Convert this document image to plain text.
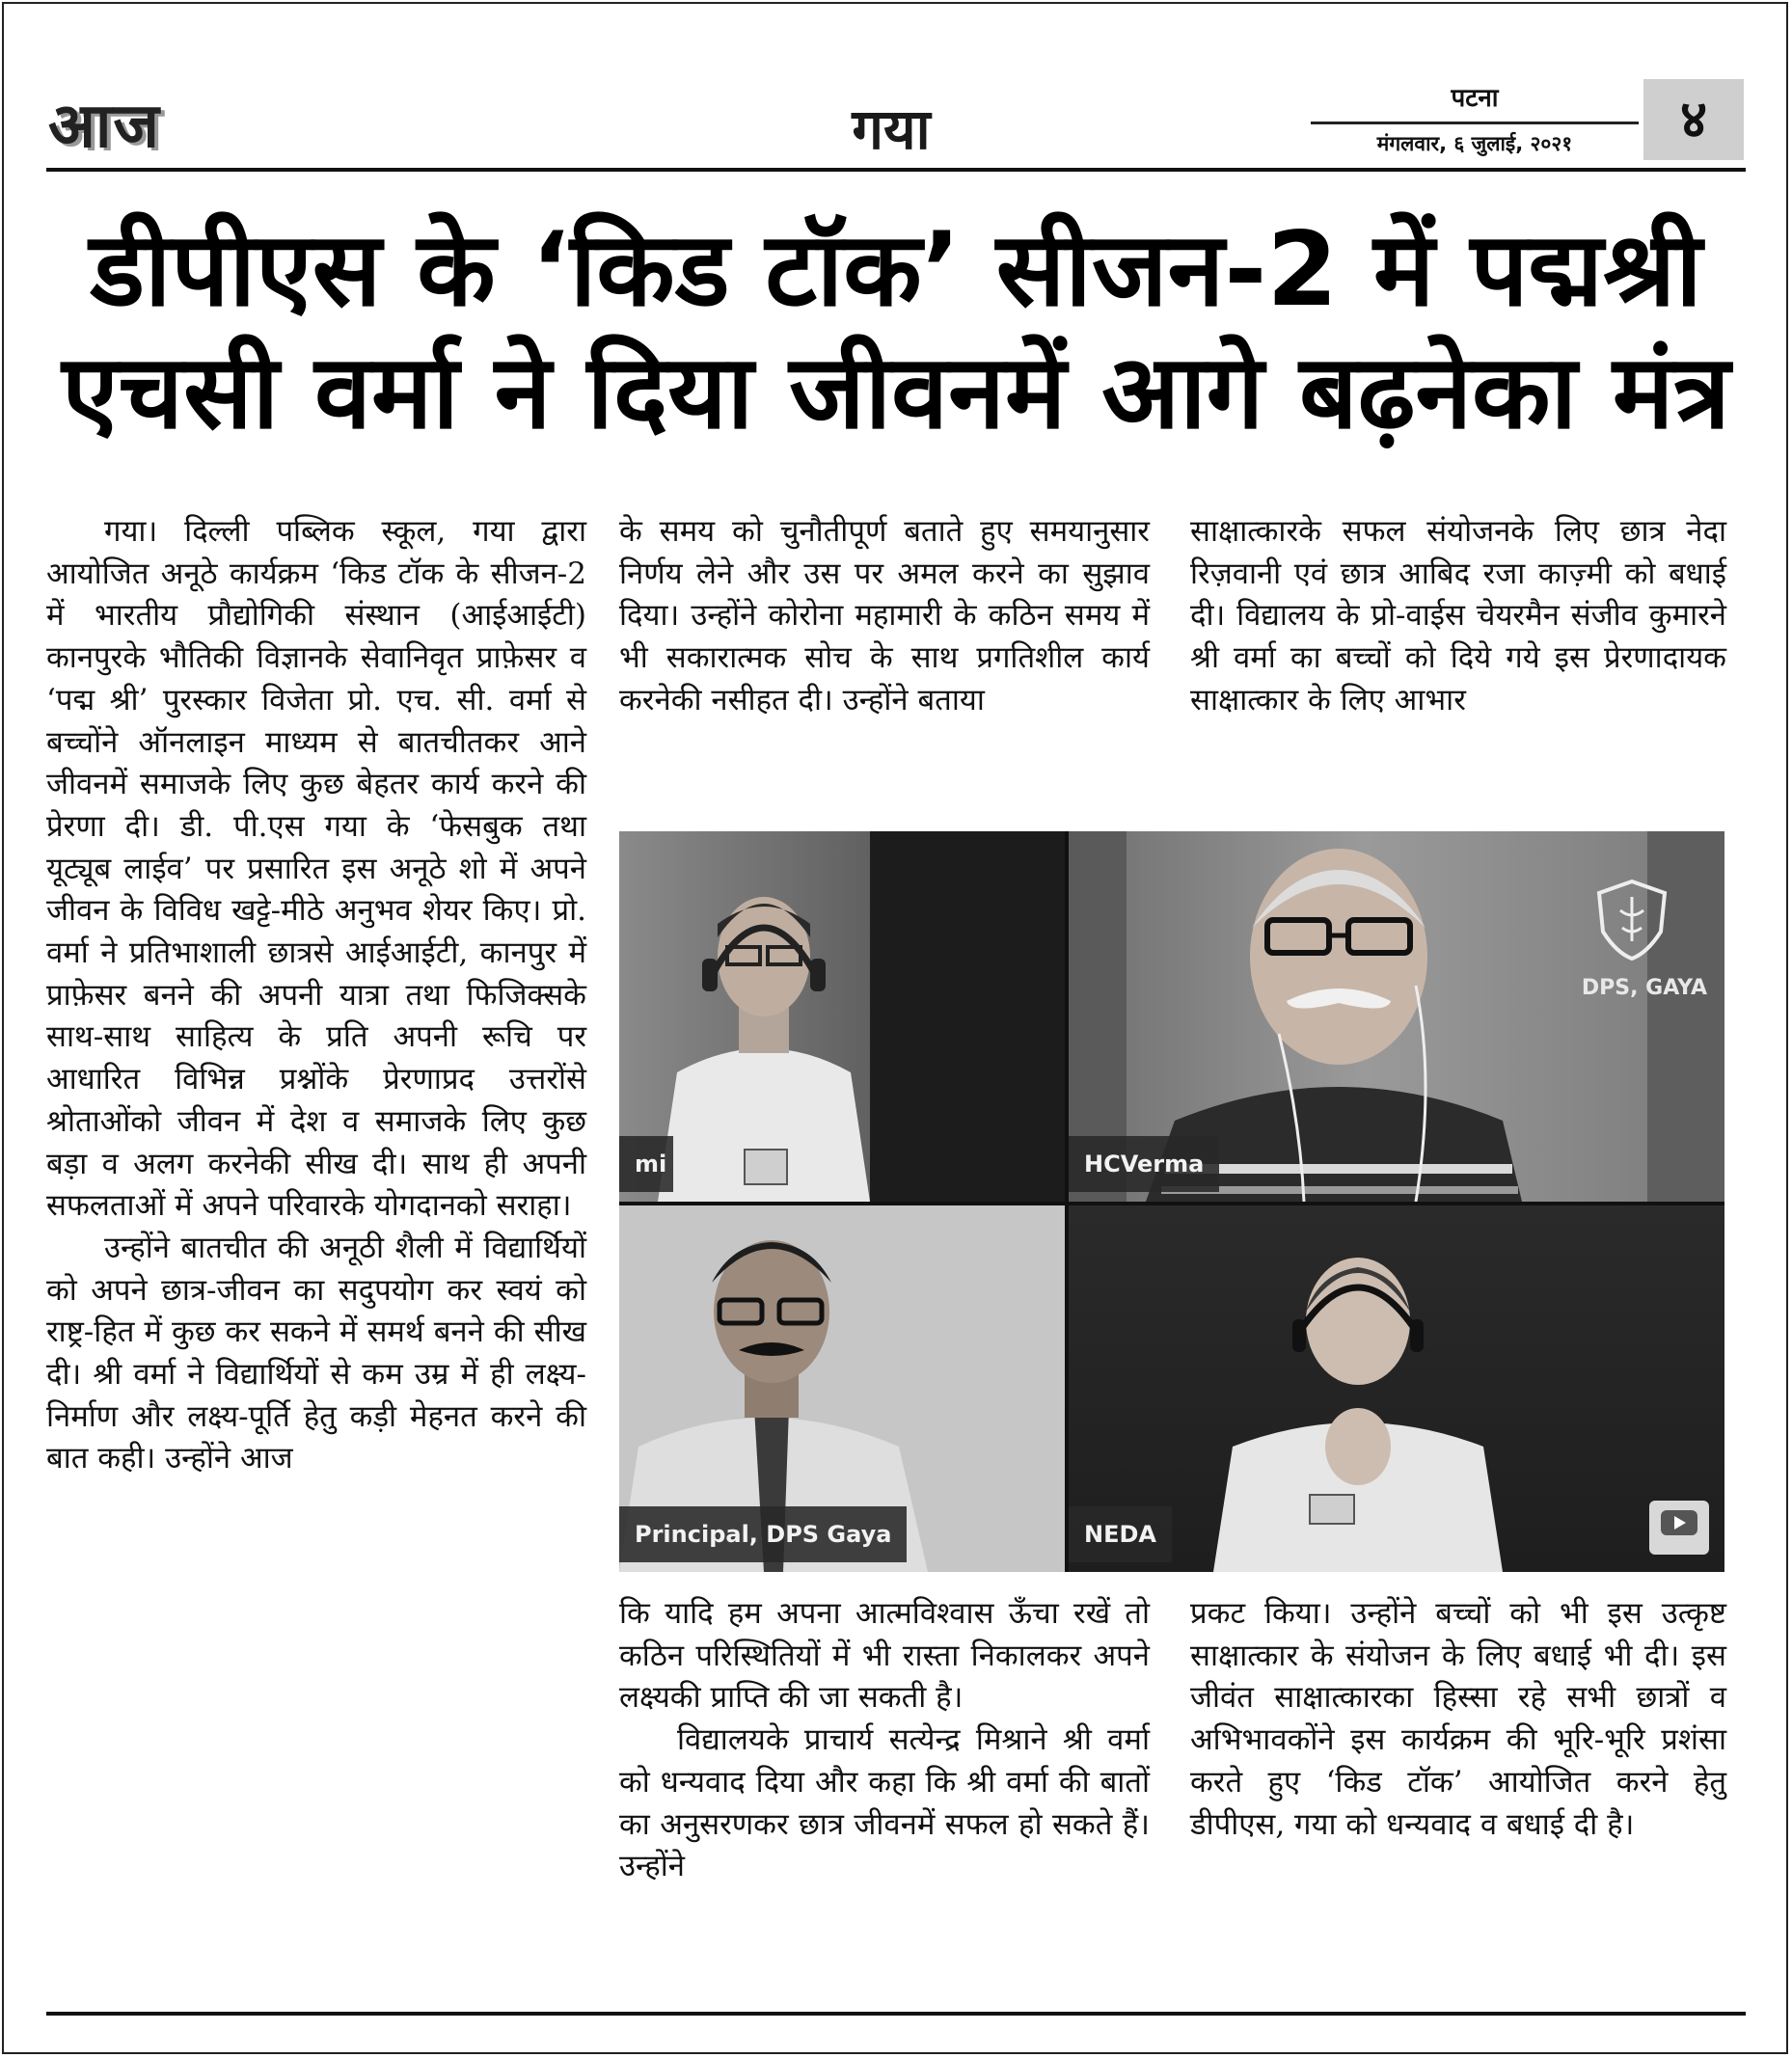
आज	गया	पटना
मंगलवार, ६ जुलाई, २०२१	४
डीपीएस के ‘किड टॉक’ सीजन-2 में पद्मश्री
एचसी वर्मा ने दिया जीवनमें आगे बढ़नेका मंत्र

गया। दिल्ली पब्लिक स्कूल, गया द्वारा आयोजित अनूठे कार्यक्रम ‘किड टॉक के सीजन-2 में भारतीय प्रौद्योगिकी संस्थान (आईआईटी) कानपुरके भौतिकी विज्ञानके सेवानिवृत प्राफ़ेसर व ‘पद्म श्री’ पुरस्कार विजेता प्रो. एच. सी. वर्मा से बच्चोंने ऑनलाइन माध्यम से बातचीतकर आने जीवनमें समाजके लिए कुछ बेहतर कार्य करने की प्रेरणा दी। डी. पी.एस गया के ‘फेसबुक तथा यूट्यूब लाईव’ पर प्रसारित इस अनूठे शो में अपने जीवन के विविध खट्टे-मीठे अनुभव शेयर किए। प्रो. वर्मा ने प्रतिभाशाली छात्रसे आईआईटी, कानपुर में प्राफे़सर बनने की अपनी यात्रा तथा फिजिक्सके साथ-साथ साहित्य के प्रति अपनी रूचि पर आधारित विभिन्न प्रश्नोंके प्रेरणाप्रद उत्तरोंसे श्रोताओंको जीवन में देश व समाजके लिए कुछ बड़ा व अलग करनेकी सीख दी। साथ ही अपनी सफलताओं में अपने परिवारके योगदानको सराहा।

उन्होंने बातचीत की अनूठी शैली में विद्यार्थियों को अपने छात्र-जीवन का सदुपयोग कर स्वयं को राष्ट्र-हित में कुछ कर सकने में समर्थ बनने की सीख दी। श्री वर्मा ने विद्यार्थियों से कम उम्र में ही लक्ष्य-निर्माण और लक्ष्य-पूर्ति हेतु कड़ी मेहनत करने की बात कही। उन्होंने आज

के समय को चुनौतीपूर्ण बताते हुए समयानुसार निर्णय लेने और उस पर अमल करने का सुझाव दिया। उन्होंने कोरोना महामारी के कठिन समय में भी सकारात्मक सोच के साथ प्रगतिशील कार्य करनेकी नसीहत दी। उन्होंने बताया

साक्षात्कारके सफल संयोजनके लिए छात्र नेदा रिज़वानी एवं छात्र आबिद रजा काज़्मी को बधाई दी। विद्यालय के प्रो-वाईस चेयरमैन संजीव कुमारने श्री वर्मा का बच्चों को दिये गये इस प्रेरणादायक साक्षात्कार के लिए आभार

mi
DPS, GAYA
HCVerma
Principal, DPS Gaya	NEDA

कि यादि हम अपना आत्मविश्वास ऊँचा रखें तो कठिन परिस्थितियों में भी रास्ता निकालकर अपने लक्ष्यकी प्राप्ति की जा सकती है।

विद्यालयके प्राचार्य सत्येन्द्र मिश्राने श्री वर्मा को धन्यवाद दिया और कहा कि श्री वर्मा की बातों का अनुसरणकर छात्र जीवनमें सफल हो सकते हैं। उन्होंने

प्रकट किया। उन्होंने बच्चों को भी इस उत्कृष्ट साक्षात्कार के संयोजन के लिए बधाई भी दी। इस जीवंत साक्षात्कारका हिस्सा रहे सभी छात्रों व अभिभावकोंने इस कार्यक्रम की भूरि-भूरि प्रशंसा करते हुए ‘किड टॉक’ आयोजित करने हेतु डीपीएस, गया को धन्यवाद व बधाई दी है।
